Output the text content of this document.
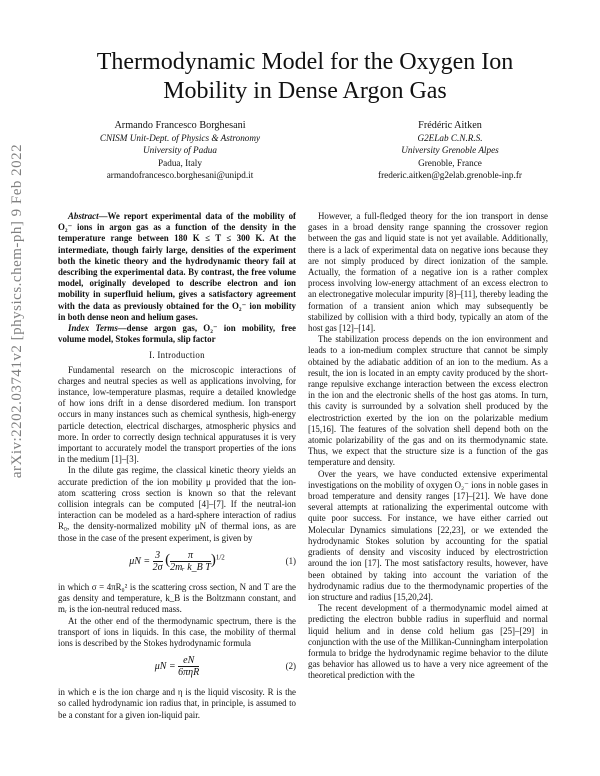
arXiv:2202.03741v2 [physics.chem-ph] 9 Feb 2022
Thermodynamic Model for the Oxygen Ion Mobility in Dense Argon Gas
Armando Francesco Borghesani
CNISM Unit-Dept. of Physics & Astronomy
University of Padua
Padua, Italy
armandofrancesco.borghesani@unipd.it
Frédéric Aitken
G2ELab C.N.R.S.
University Grenoble Alpes
Grenoble, France
frederic.aitken@g2elab.grenoble-inp.fr

Abstract—We report experimental data of the mobility of O₂⁻ ions in argon gas as a function of the density in the temperature range between 180 K ≤ T ≤ 300 K. At the intermediate, though fairly large, densities of the experiment both the kinetic theory and the hydrodynamic theory fail at describing the experimental data. By contrast, the free volume model, originally developed to describe electron and ion mobility in superfluid helium, gives a satisfactory agreement with the data as previously obtained for the O₂⁻ ion mobility in both dense neon and helium gases.

Index Terms—dense argon gas, O₂⁻ ion mobility, free volume model, Stokes formula, slip factor

I. Introduction

Fundamental research on the microscopic interactions of charges and neutral species as well as applications involving, for instance, low-temperature plasmas, require a detailed knowledge of how ions drift in a dense disordered medium. Ion transport occurs in many instances such as chemical synthesis, high-energy particle detection, electrical discharges, atmospheric physics and more. In order to correctly design technical appuratuses it is very important to accurately model the transport properties of the ions in the medium [1]–[3].

In the dilute gas regime, the classical kinetic theory yields an accurate prediction of the ion mobility μ provided that the ion-atom scattering cross section is known so that the relevant collision integrals can be computed [4]–[7]. If the neutral-ion interaction can be modeled as a hard-sphere interaction of radius R₀, the density-normalized mobility μN of thermal ions, as are those in the case of the present experiment, is given by

$\mu N = \frac{3}{2\sigma}$ ( $\frac{\pi}{\text{2mᵣ k\_B T}} )^{1/2}$	(1)

in which σ = 4πR₀² is the scattering cross section, N and T are the gas density and temperature, k_B is the Boltzmann constant, and mᵣ is the ion-neutral reduced mass.

At the other end of the thermodynamic spectrum, there is the transport of ions in liquids. In this case, the mobility of thermal ions is described by the Stokes hydrodynamic formula

$\mu N = \frac{eN}{\text{6πηR}}$	(2)

in which e is the ion charge and η is the liquid viscosity. R is the so called hydrodynamic ion radius that, in principle, is assumed to be a constant for a given ion-liquid pair.

However, a full-fledged theory for the ion transport in dense gases in a broad density range spanning the crossover region between the gas and liquid state is not yet available. Additionally, there is a lack of experimental data on negative ions because they are not simply produced by direct ionization of the sample. Actually, the formation of a negative ion is a rather complex process involving low-energy attachment of an excess electron to an electronegative molecular impurity [8]–[11], thereby leading the formation of a transient anion which may subsequently be stabilized by collision with a third body, typically an atom of the host gas [12]–[14].

The stabilization process depends on the ion environment and leads to a ion-medium complex structure that cannot be simply obtained by the adiabatic addition of an ion to the medium. As a result, the ion is located in an empty cavity produced by the short-range repulsive exchange interaction between the excess electron in the ion and the electronic shells of the host gas atoms. In turn, this cavity is surrounded by a solvation shell produced by the electrostriction exerted by the ion on the polarizable medium [15,16]. The features of the solvation shell depend both on the atomic polarizability of the gas and on its thermodynamic state. Thus, we expect that the structure size is a function of the gas temperature and density.

Over the years, we have conducted extensive experimental investigations on the mobility of oxygen O₂⁻ ions in noble gases in broad temperature and density ranges [17]–[21]. We have done several attempts at rationalizing the experimental outcome with quite poor success. For instance, we have either carried out Molecular Dynamics simulations [22,23], or we extended the hydrodynamic Stokes solution by accounting for the spatial gradients of density and viscosity induced by electrostriction around the ion [17]. The most satisfactory results, however, have been obtained by taking into account the variation of the hydrodynamic radius due to the thermodynamic properties of the ion structure and radius [15,20,24].

The recent development of a thermodynamic model aimed at predicting the electron bubble radius in superfluid and normal liquid helium and in dense cold helium gas [25]–[29] in conjunction with the use of the Millikan-Cunningham interpolation formula to bridge the hydrodynamic regime behavior to the dilute gas behavior has allowed us to have a very nice agreement of the theoretical prediction with the
